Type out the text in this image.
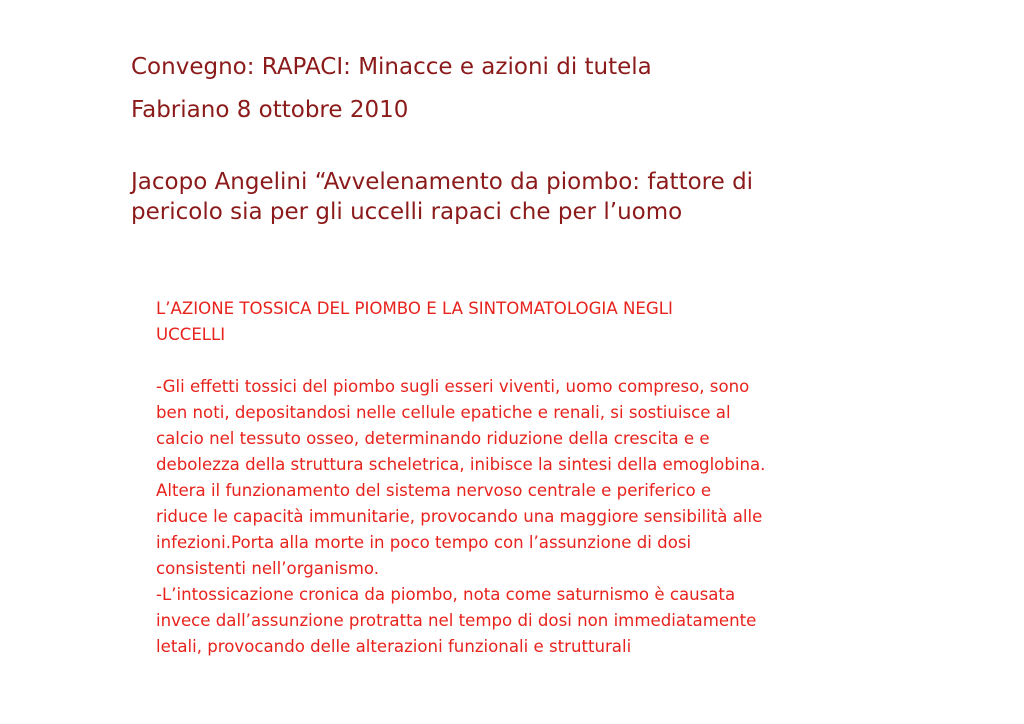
Convegno: RAPACI: Minacce e azioni di tutela

Fabriano 8 ottobre 2010

Jacopo Angelini “Avvelenamento da piombo: fattore di pericolo sia per gli uccelli rapaci che per l’uomo

L’AZIONE TOSSICA DEL PIOMBO E LA SINTOMATOLOGIA NEGLI
UCCELLI

-Gli effetti tossici del piombo sugli esseri viventi, uomo compreso, sono
ben noti, depositandosi nelle cellule epatiche e renali, si sostiuisce al
calcio nel tessuto osseo, determinando riduzione della crescita e e
debolezza della struttura scheletrica, inibisce la sintesi della emoglobina.
Altera il funzionamento del sistema nervoso centrale e periferico e
riduce le capacità immunitarie, provocando una maggiore sensibilità alle
infezioni.Porta alla morte in poco tempo con l’assunzione di dosi
consistenti nell’organismo.

-L’intossicazione cronica da piombo, nota come saturnismo è causata
invece dall’assunzione protratta nel tempo di dosi non immediatamente
letali, provocando delle alterazioni funzionali e strutturali
